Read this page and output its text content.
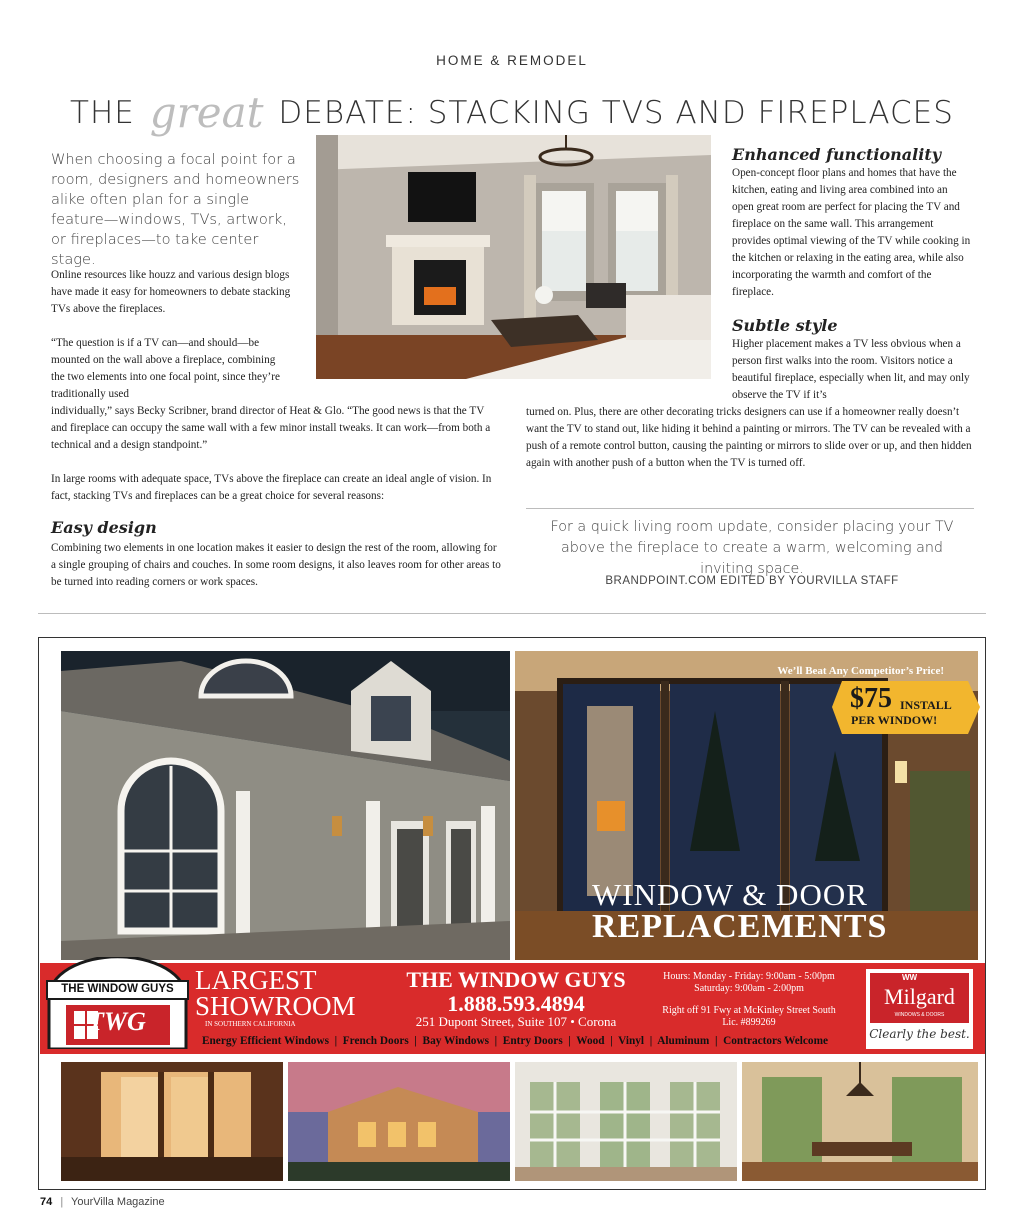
HOME & REMODEL
THE great DEBATE: STACKING TVS AND FIREPLACES
When choosing a focal point for a room, designers and homeowners alike often plan for a single feature—windows, TVs, artwork, or fireplaces—to take center stage.

Online resources like houzz and various design blogs have made it easy for homeowners to debate stacking TVs above the fireplaces.

“The question is if a TV can—and should—be mounted on the wall above a fireplace, combining the two elements into one focal point, since they’re traditionally used

individually,” says Becky Scribner, brand director of Heat & Glo. “The good news is that the TV and fireplace can occupy the same wall with a few minor install tweaks. It can work—from both a technical and a design standpoint.”

In large rooms with adequate space, TVs above the fireplace can create an ideal angle of vision. In fact, stacking TVs and fireplaces can be a great choice for several reasons:

Easy design

Combining two elements in one location makes it easier to design the rest of the room, allowing for a single grouping of chairs and couches. In some room designs, it also leaves room for other areas to be turned into reading corners or work spaces.

Enhanced functionality

Open-concept floor plans and homes that have the kitchen, eating and living area combined into an open great room are perfect for placing the TV and fireplace on the same wall. This arrangement provides optimal viewing of the TV while cooking in the kitchen or relaxing in the eating area, while also incorporating the warmth and comfort of the fireplace.

Subtle style

Higher placement makes a TV less obvious when a person first walks into the room. Visitors notice a beautiful fireplace, especially when lit, and may only observe the TV if it’s

turned on. Plus, there are other decorating tricks designers can use if a homeowner really doesn’t want the TV to stand out, like hiding it behind a painting or mirrors. The TV can be revealed with a push of a remote control button, causing the painting or mirrors to slide over or up, and then hidden again with another push of a button when the TV is turned off.

For a quick living room update, consider placing your TV above the fireplace to create a warm, welcoming and inviting space.
BRANDPOINT.COM EDITED BY YOURVILLA STAFF
We’ll Beat Any Competitor’s Price!
$75 INSTALL
PER WINDOW!
WINDOW & DOOR
REPLACEMENTS
THE WINDOW GUYS
TWG
LARGEST
SHOWROOM
IN SOUTHERN CALIFORNIA
THE WINDOW GUYS
1.888.593.4894
251 Dupont Street, Suite 107 • Corona
Hours: Monday - Friday: 9:00am - 5:00pm
Saturday: 9:00am - 2:00pm
Right off 91 Fwy at McKinley Street South
Lic. #899269
Energy Efficient Windows  |  French Doors  |  Bay Windows  |  Entry Doors  |  Wood  |  Vinyl  |  Aluminum  |  Contractors Welcome
WW
Milgard
WINDOWS & DOORS
Clearly the best.
74 | YourVilla Magazine
